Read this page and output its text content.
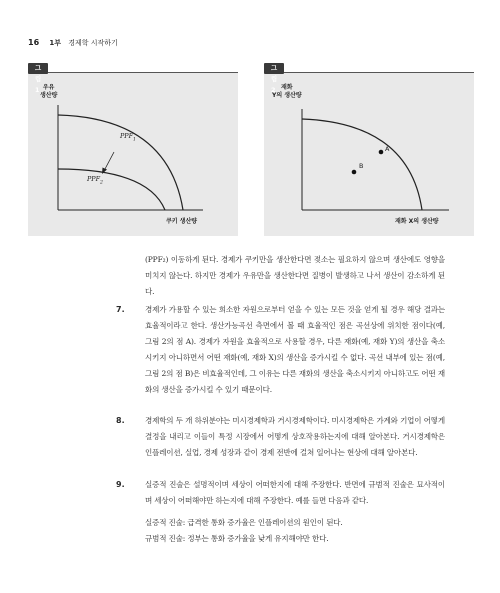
16 1부 경제학 시작하기
우유
생산량
쿠키 생산량
$PPF_1$
$PPF_2$
그림 1	재화
Y의 생산량
재화 X의 생산량
A
B
그림 2
(PPF₂) 이동하게 된다. 경제가 쿠키만을 생산한다면 젖소는 필요하지 않으며 생산에도 영향을 미치지 않는다. 하지만 경제가 우유만을 생산한다면 질병이 발생하고 나서 생산이 감소하게 된다.
7.	경제가 가용할 수 있는 희소한 자원으로부터 얻을 수 있는 모든 것을 얻게 될 경우 해당 결과는 효율적이라고 한다. 생산가능곡선 측면에서 볼 때 효율적인 점은 곡선상에 위치한 점이다(예, 그림 2의 점 A). 경제가 자원을 효율적으로 사용할 경우, 다른 재화(예, 재화 Y)의 생산을 축소시키지 아니하면서 어떤 재화(예, 재화 X)의 생산을 증가시킬 수 없다. 곡선 내부에 있는 점(예, 그림 2의 점 B)은 비효율적인데, 그 이유는 다른 재화의 생산을 축소시키지 아니하고도 어떤 재화의 생산을 증가시킬 수 있기 때문이다.
8.	경제학의 두 개 하위분야는 미시경제학과 거시경제학이다. 미시경제학은 가계와 기업이 어떻게 결정을 내리고 이들이 특정 시장에서 어떻게 상호작용하는지에 대해 알아본다. 거시경제학은 인플레이션, 실업, 경제 성장과 같이 경제 전반에 걸쳐 일어나는 현상에 대해 알아본다.
9.	실증적 진술은 설명적이며 세상이 어떠한지에 대해 주장한다. 반면에 규범적 진술은 묘사적이며 세상이 어떠해야만 하는지에 대해 주장한다. 예를 들면 다음과 같다.
실증적 진술: 급격한 통화 증가율은 인플레이션의 원인이 된다.
규범적 진술: 정부는 통화 증가율을 낮게 유지해야만 한다.
